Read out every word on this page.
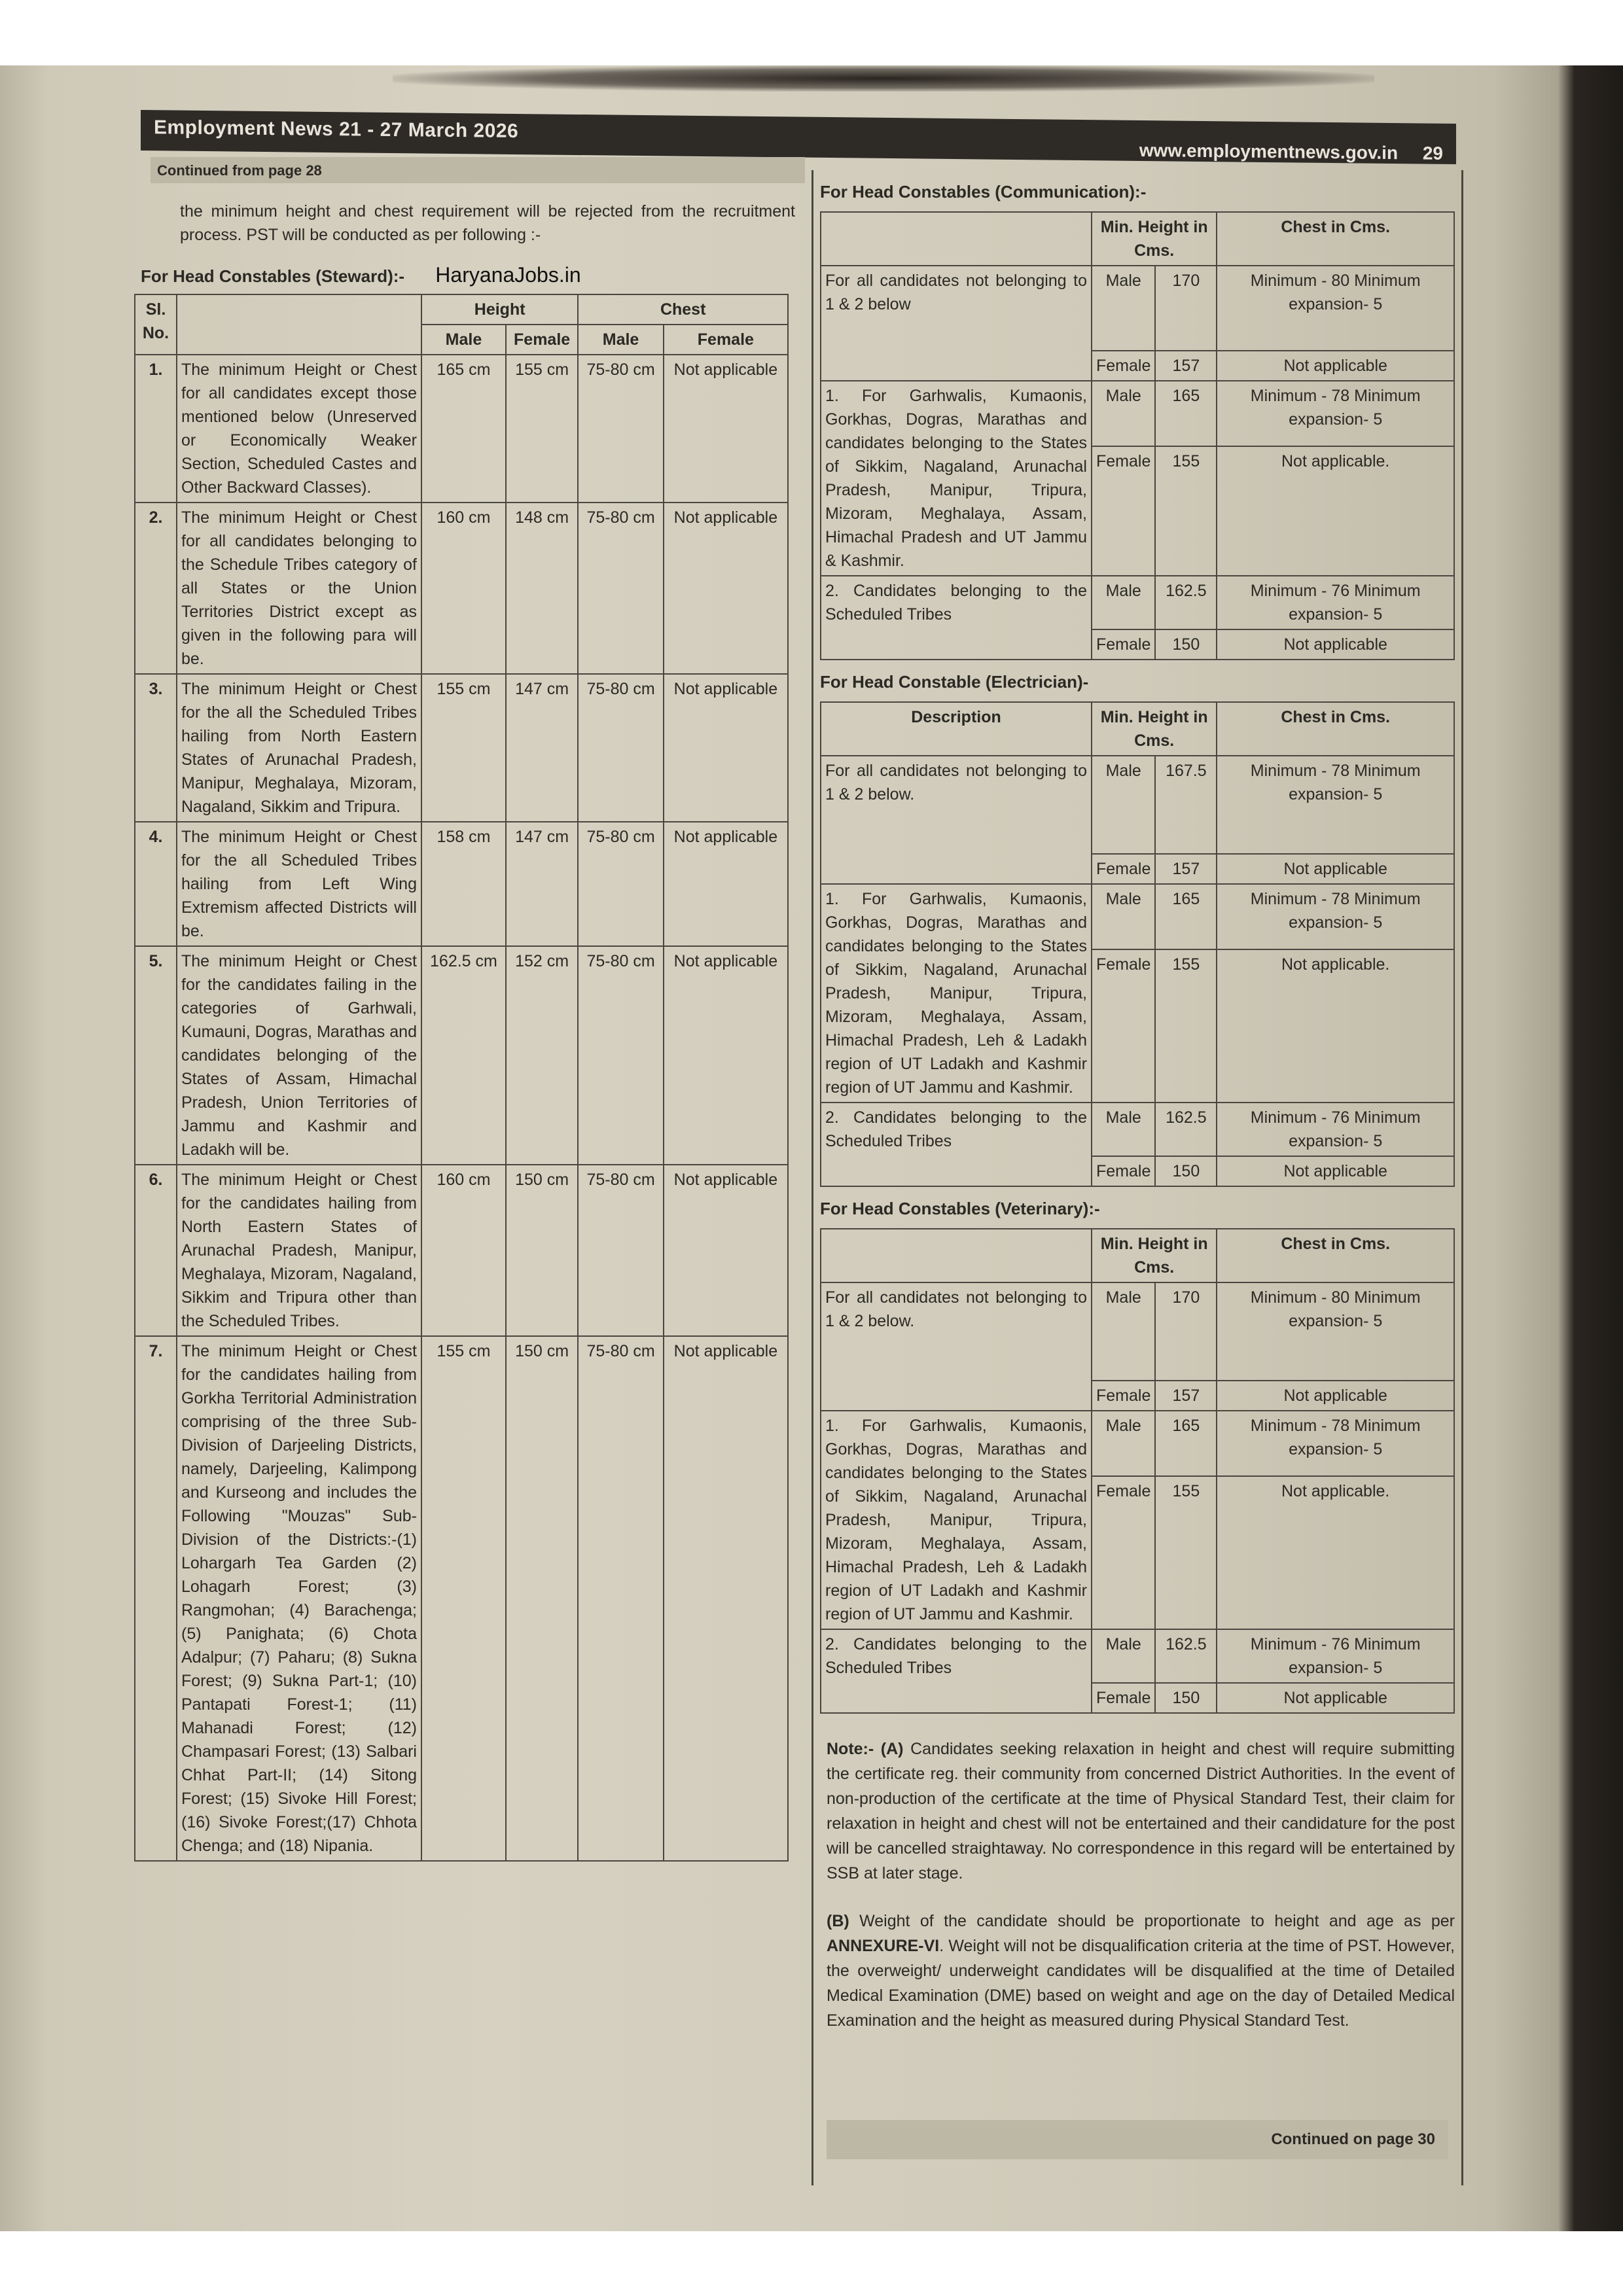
Employment News 21 - 27 March 2026
www.employmentnews.gov.in 29
Continued from page 28

the minimum height and chest requirement will be rejected from the recruitment process. PST will be conducted as per following :-

For Head Constables (Steward):- HaryanaJobs.in
Sl. No.		Height		Chest	
		Male	Female	Male	Female
1.	The minimum Height or Chest for all candidates except those mentioned below (Unreserved or Economically Weaker Section, Scheduled Castes and Other Backward Classes).	165 cm	155 cm	75-80 cm	Not applicable
2.	The minimum Height or Chest for all candidates belonging to the Schedule Tribes category of all States or the Union Territories District except as given in the following para will be.	160 cm	148 cm	75-80 cm	Not applicable
3.	The minimum Height or Chest for the all the Scheduled Tribes hailing from North Eastern States of Arunachal Pradesh, Manipur, Meghalaya, Mizoram, Nagaland, Sikkim and Tripura.	155 cm	147 cm	75-80 cm	Not applicable
4.	The minimum Height or Chest for the all Scheduled Tribes hailing from Left Wing Extremism affected Districts will be.	158 cm	147 cm	75-80 cm	Not applicable
5.	The minimum Height or Chest for the candidates failing in the categories of Garhwali, Kumauni, Dogras, Marathas and candidates belonging of the States of Assam, Himachal Pradesh, Union Territories of Jammu and Kashmir and Ladakh will be.	162.5 cm	152 cm	75-80 cm	Not applicable
6.	The minimum Height or Chest for the candidates hailing from North Eastern States of Arunachal Pradesh, Manipur, Meghalaya, Mizoram, Nagaland, Sikkim and Tripura other than the Scheduled Tribes.	160 cm	150 cm	75-80 cm	Not applicable
7.	The minimum Height or Chest for the candidates hailing from Gorkha Territorial Administration comprising of the three Sub-Division of Darjeeling Districts, namely, Darjeeling, Kalimpong and Kurseong and includes the Following "Mouzas" Sub-Division of the Districts:-(1) Lohargarh Tea Garden (2) Lohagarh Forest; (3) Rangmohan; (4) Barachenga; (5) Panighata; (6) Chota Adalpur; (7) Paharu; (8) Sukna Forest; (9) Sukna Part-1; (10) Pantapati Forest-1; (11) Mahanadi Forest; (12) Champasari Forest; (13) Salbari Chhat Part-II; (14) Sitong Forest; (15) Sivoke Hill Forest; (16) Sivoke Forest;(17) Chhota Chenga; and (18) Nipania.	155 cm	150 cm	75-80 cm	Not applicable
For Head Constables (Communication):-
	Min. Height in Cms.		Chest in Cms.
For all candidates not belonging to 1 & 2 below	Male	170	Minimum - 80 Minimum expansion- 5
	Female	157	Not applicable
1. For Garhwalis, Kumaonis, Gorkhas, Dogras, Marathas and candidates belonging to the States of Sikkim, Nagaland, Arunachal Pradesh, Manipur, Tripura, Mizoram, Meghalaya, Assam, Himachal Pradesh and UT Jammu & Kashmir.	Male	165	Minimum - 78 Minimum expansion- 5
	Female	155	Not applicable.
2. Candidates belonging to the Scheduled Tribes	Male	162.5	Minimum - 76 Minimum expansion- 5
	Female	150	Not applicable
For Head Constable (Electrician)-
Description	Min. Height in Cms.		Chest in Cms.
For all candidates not belonging to 1 & 2 below.	Male	167.5	Minimum - 78 Minimum expansion- 5
	Female	157	Not applicable
1. For Garhwalis, Kumaonis, Gorkhas, Dogras, Marathas and candidates belonging to the States of Sikkim, Nagaland, Arunachal Pradesh, Manipur, Tripura, Mizoram, Meghalaya, Assam, Himachal Pradesh, Leh & Ladakh region of UT Ladakh and Kashmir region of UT Jammu and Kashmir.	Male	165	Minimum - 78 Minimum expansion- 5
	Female	155	Not applicable.
2. Candidates belonging to the Scheduled Tribes	Male	162.5	Minimum - 76 Minimum expansion- 5
	Female	150	Not applicable
For Head Constables (Veterinary):-
	Min. Height in Cms.		Chest in Cms.
For all candidates not belonging to 1 & 2 below.	Male	170	Minimum - 80 Minimum expansion- 5
	Female	157	Not applicable
1. For Garhwalis, Kumaonis, Gorkhas, Dogras, Marathas and candidates belonging to the States of Sikkim, Nagaland, Arunachal Pradesh, Manipur, Tripura, Mizoram, Meghalaya, Assam, Himachal Pradesh, Leh & Ladakh region of UT Ladakh and Kashmir region of UT Jammu and Kashmir.	Male	165	Minimum - 78 Minimum expansion- 5
	Female	155	Not applicable.
2. Candidates belonging to the Scheduled Tribes	Male	162.5	Minimum - 76 Minimum expansion- 5
	Female	150	Not applicable

Note:- (A) Candidates seeking relaxation in height and chest will require submitting the certificate reg. their community from concerned District Authorities. In the event of non-production of the certificate at the time of Physical Standard Test, their claim for relaxation in height and chest will not be entertained and their candidature for the post will be cancelled straightaway. No correspondence in this regard will be entertained by SSB at later stage.

(B) Weight of the candidate should be proportionate to height and age as per ANNEXURE-VI. Weight will not be disqualification criteria at the time of PST. However, the overweight/ underweight candidates will be disqualified at the time of Detailed Medical Examination (DME) based on weight and age on the day of Detailed Medical Examination and the height as measured during Physical Standard Test.

Continued on page 30
